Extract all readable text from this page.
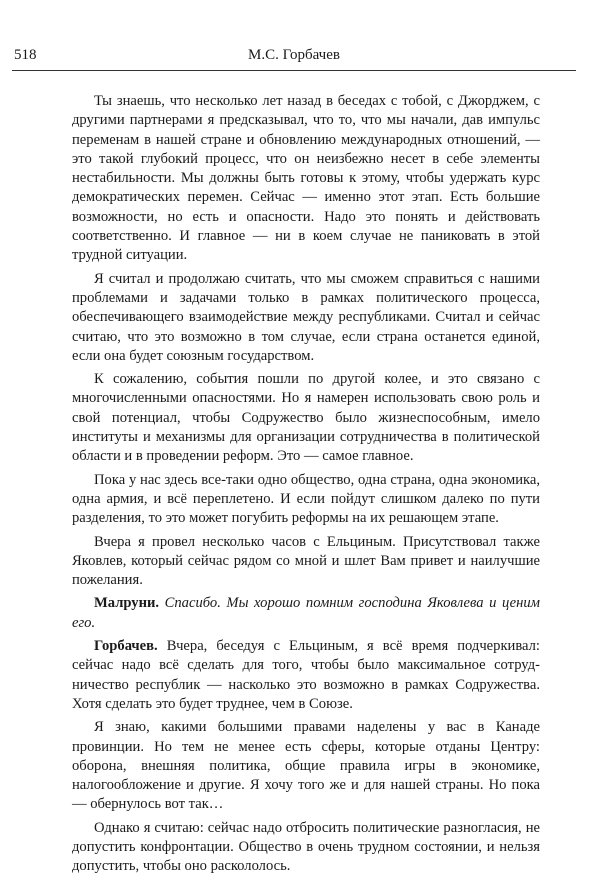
518	М.С. Горбачев

Ты знаешь, что несколько лет назад в беседах с тобой, с Джорджем, с другими партнерами я предсказывал, что то, что мы начали, дав импульс переменам в нашей стране и обновлению международных отношений, — это такой глубокий процесс, что он неизбежно несет в себе элементы нестабильности. Мы должны быть готовы к этому, чтобы удержать курс демократических перемен. Сейчас — именно этот этап. Есть большие возможности, но есть и опасности. Надо это понять и действовать соответственно. И главное — ни в коем случае не паниковать в этой трудной ситуации.

Я считал и продолжаю считать, что мы сможем справиться с нашими проблемами и задачами только в рамках политического процесса, обеспечивающего взаимодействие между республиками. Считал и сейчас считаю, что это возможно в том случае, если страна останется единой, если она будет союзным государством.

К сожалению, события пошли по другой колее, и это связано с многочисленными опасностями. Но я намерен использовать свою роль и свой потенциал, чтобы Содружество было жизнеспособным, имело институты и механизмы для организации сотрудничества в политической области и в проведении реформ. Это — самое главное.

Пока у нас здесь все-таки одно общество, одна страна, одна экономика, одна армия, и всё переплетено. И если пойдут слишком далеко по пути разделения, то это может погубить реформы на их решающем этапе.

Вчера я провел несколько часов с Ельциным. Присутствовал также Яковлев, который сейчас рядом со мной и шлет Вам привет и наилучшие пожелания.

Малруни. Спасибо. Мы хорошо помним господина Яковлева и ценим его.

Горбачев. Вчера, беседуя с Ельциным, я всё время подчеркивал: сейчас надо всё сделать для того, чтобы было максимальное сотрудничество республик — насколько это возможно в рамках Содружества. Хотя сделать это будет труднее, чем в Союзе.

Я знаю, какими большими правами наделены у вас в Канаде провинции. Но тем не менее есть сферы, которые отданы Центру: оборона, внешняя политика, общие правила игры в экономике, налогообложение и другие. Я хочу того же и для нашей страны. Но пока — обернулось вот так…

Однако я считаю: сейчас надо отбросить политические разногласия, не допустить конфронтации. Общество в очень трудном состоянии, и нельзя допустить, чтобы оно раскололось.
